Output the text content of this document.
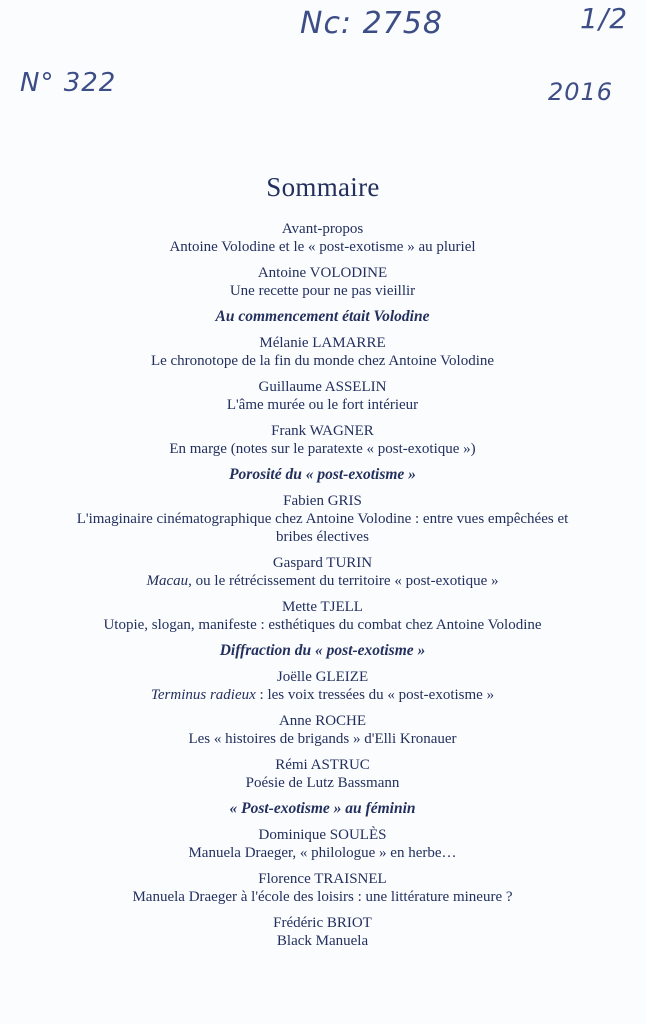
Nc: 2758
N° 322
1/2
2016
Sommaire
Avant-propos
Antoine Volodine et le « post-exotisme » au pluriel
Antoine VOLODINE
Une recette pour ne pas vieillir
Au commencement était Volodine
Mélanie LAMARRE
Le chronotope de la fin du monde chez Antoine Volodine
Guillaume ASSELIN
L'âme murée ou le fort intérieur
Frank WAGNER
En marge (notes sur le paratexte « post-exotique »)
Porosité du « post-exotisme »
Fabien GRIS
L'imaginaire cinématographique chez Antoine Volodine : entre vues empêchées et bribes électives
Gaspard TURIN
Macau, ou le rétrécissement du territoire « post-exotique »
Mette TJELL
Utopie, slogan, manifeste : esthétiques du combat chez Antoine Volodine
Diffraction du « post-exotisme »
Joëlle GLEIZE
Terminus radieux : les voix tressées du « post-exotisme »
Anne ROCHE
Les « histoires de brigands » d'Elli Kronauer
Rémi ASTRUC
Poésie de Lutz Bassmann
« Post-exotisme » au féminin
Dominique SOULÈS
Manuela Draeger, « philologue » en herbe…
Florence TRAISNEL
Manuela Draeger à l'école des loisirs : une littérature mineure ?
Frédéric BRIOT
Black Manuela
